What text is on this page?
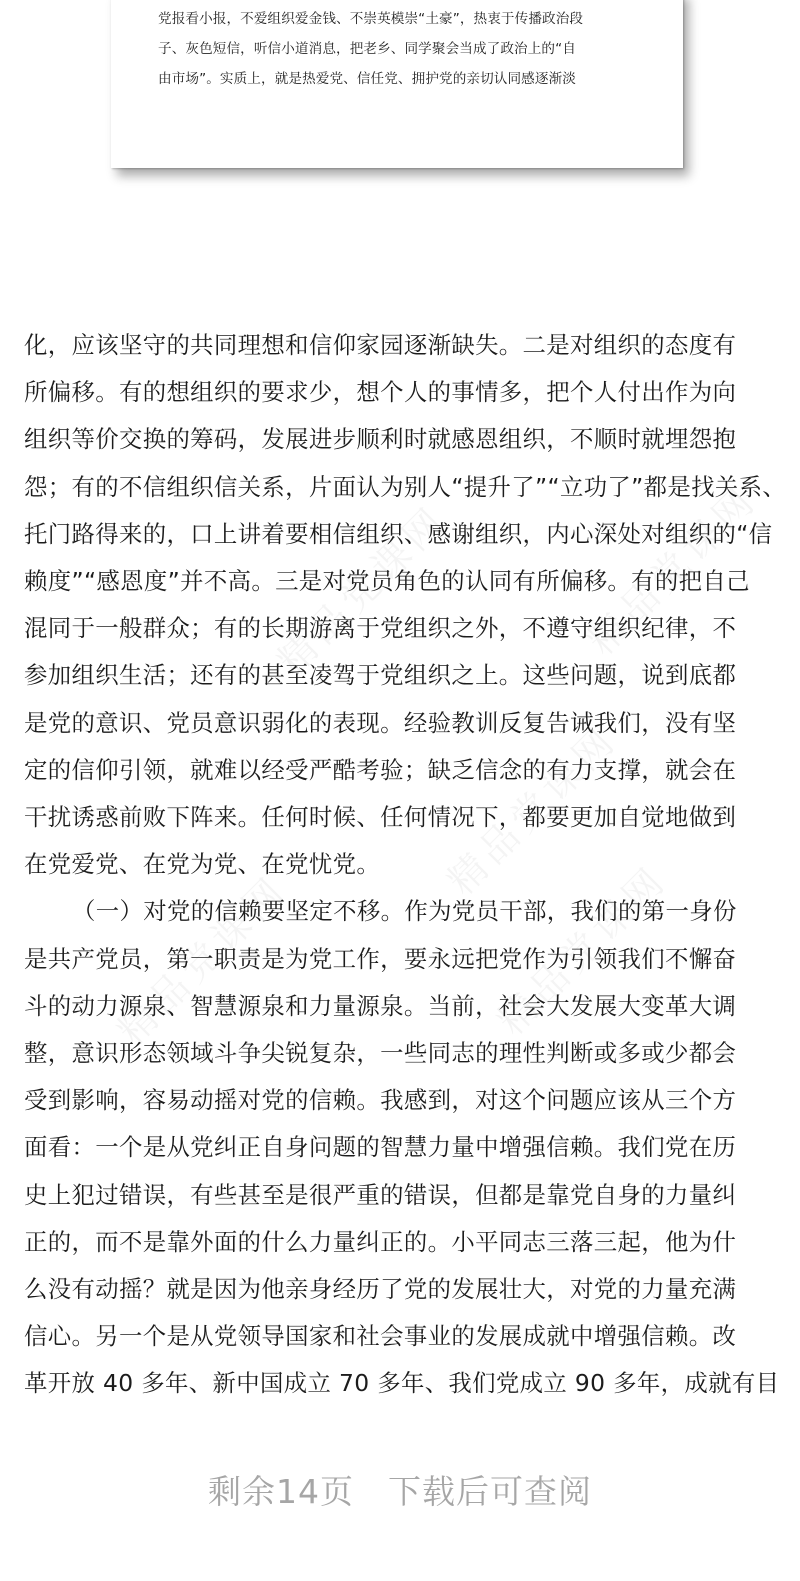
党报看小报，不爱组织爱金钱、不崇英模崇“土豪”，热衷于传播政治段
子、灰色短信，听信小道消息，把老乡、同学聚会当成了政治上的“自
由市场”。实质上，就是热爱党、信任党、拥护党的亲切认同感逐渐淡
化，应该坚守的共同理想和信仰家园逐渐缺失。二是对组织的态度有
所偏移。有的想组织的要求少，想个人的事情多，把个人付出作为向
组织等价交换的筹码，发展进步顺利时就感恩组织，不顺时就埋怨抱
怨；有的不信组织信关系，片面认为别人“提升了”“立功了”都是找关系、
托门路得来的，口上讲着要相信组织、感谢组织，内心深处对组织的“信
赖度”“感恩度”并不高。三是对党员角色的认同有所偏移。有的把自己
混同于一般群众；有的长期游离于党组织之外，不遵守组织纪律，不
参加组织生活；还有的甚至凌驾于党组织之上。这些问题，说到底都
是党的意识、党员意识弱化的表现。经验教训反复告诫我们，没有坚
定的信仰引领，就难以经受严酷考验；缺乏信念的有力支撑，就会在
干扰诱惑前败下阵来。任何时候、任何情况下，都要更加自觉地做到
在党爱党、在党为党、在党忧党。
（一）对党的信赖要坚定不移。作为党员干部，我们的第一身份
是共产党员，第一职责是为党工作，要永远把党作为引领我们不懈奋
斗的动力源泉、智慧源泉和力量源泉。当前，社会大发展大变革大调
整，意识形态领域斗争尖锐复杂，一些同志的理性判断或多或少都会
受到影响，容易动摇对党的信赖。我感到，对这个问题应该从三个方
面看：一个是从党纠正自身问题的智慧力量中增强信赖。我们党在历
史上犯过错误，有些甚至是很严重的错误，但都是靠党自身的力量纠
正的，而不是靠外面的什么力量纠正的。小平同志三落三起，他为什
么没有动摇？就是因为他亲身经历了党的发展壮大，对党的力量充满
信心。另一个是从党领导国家和社会事业的发展成就中增强信赖。改
革开放 40 多年、新中国成立 70 多年、我们党成立 90 多年，成就有目
剩余14页 下载后可查阅
